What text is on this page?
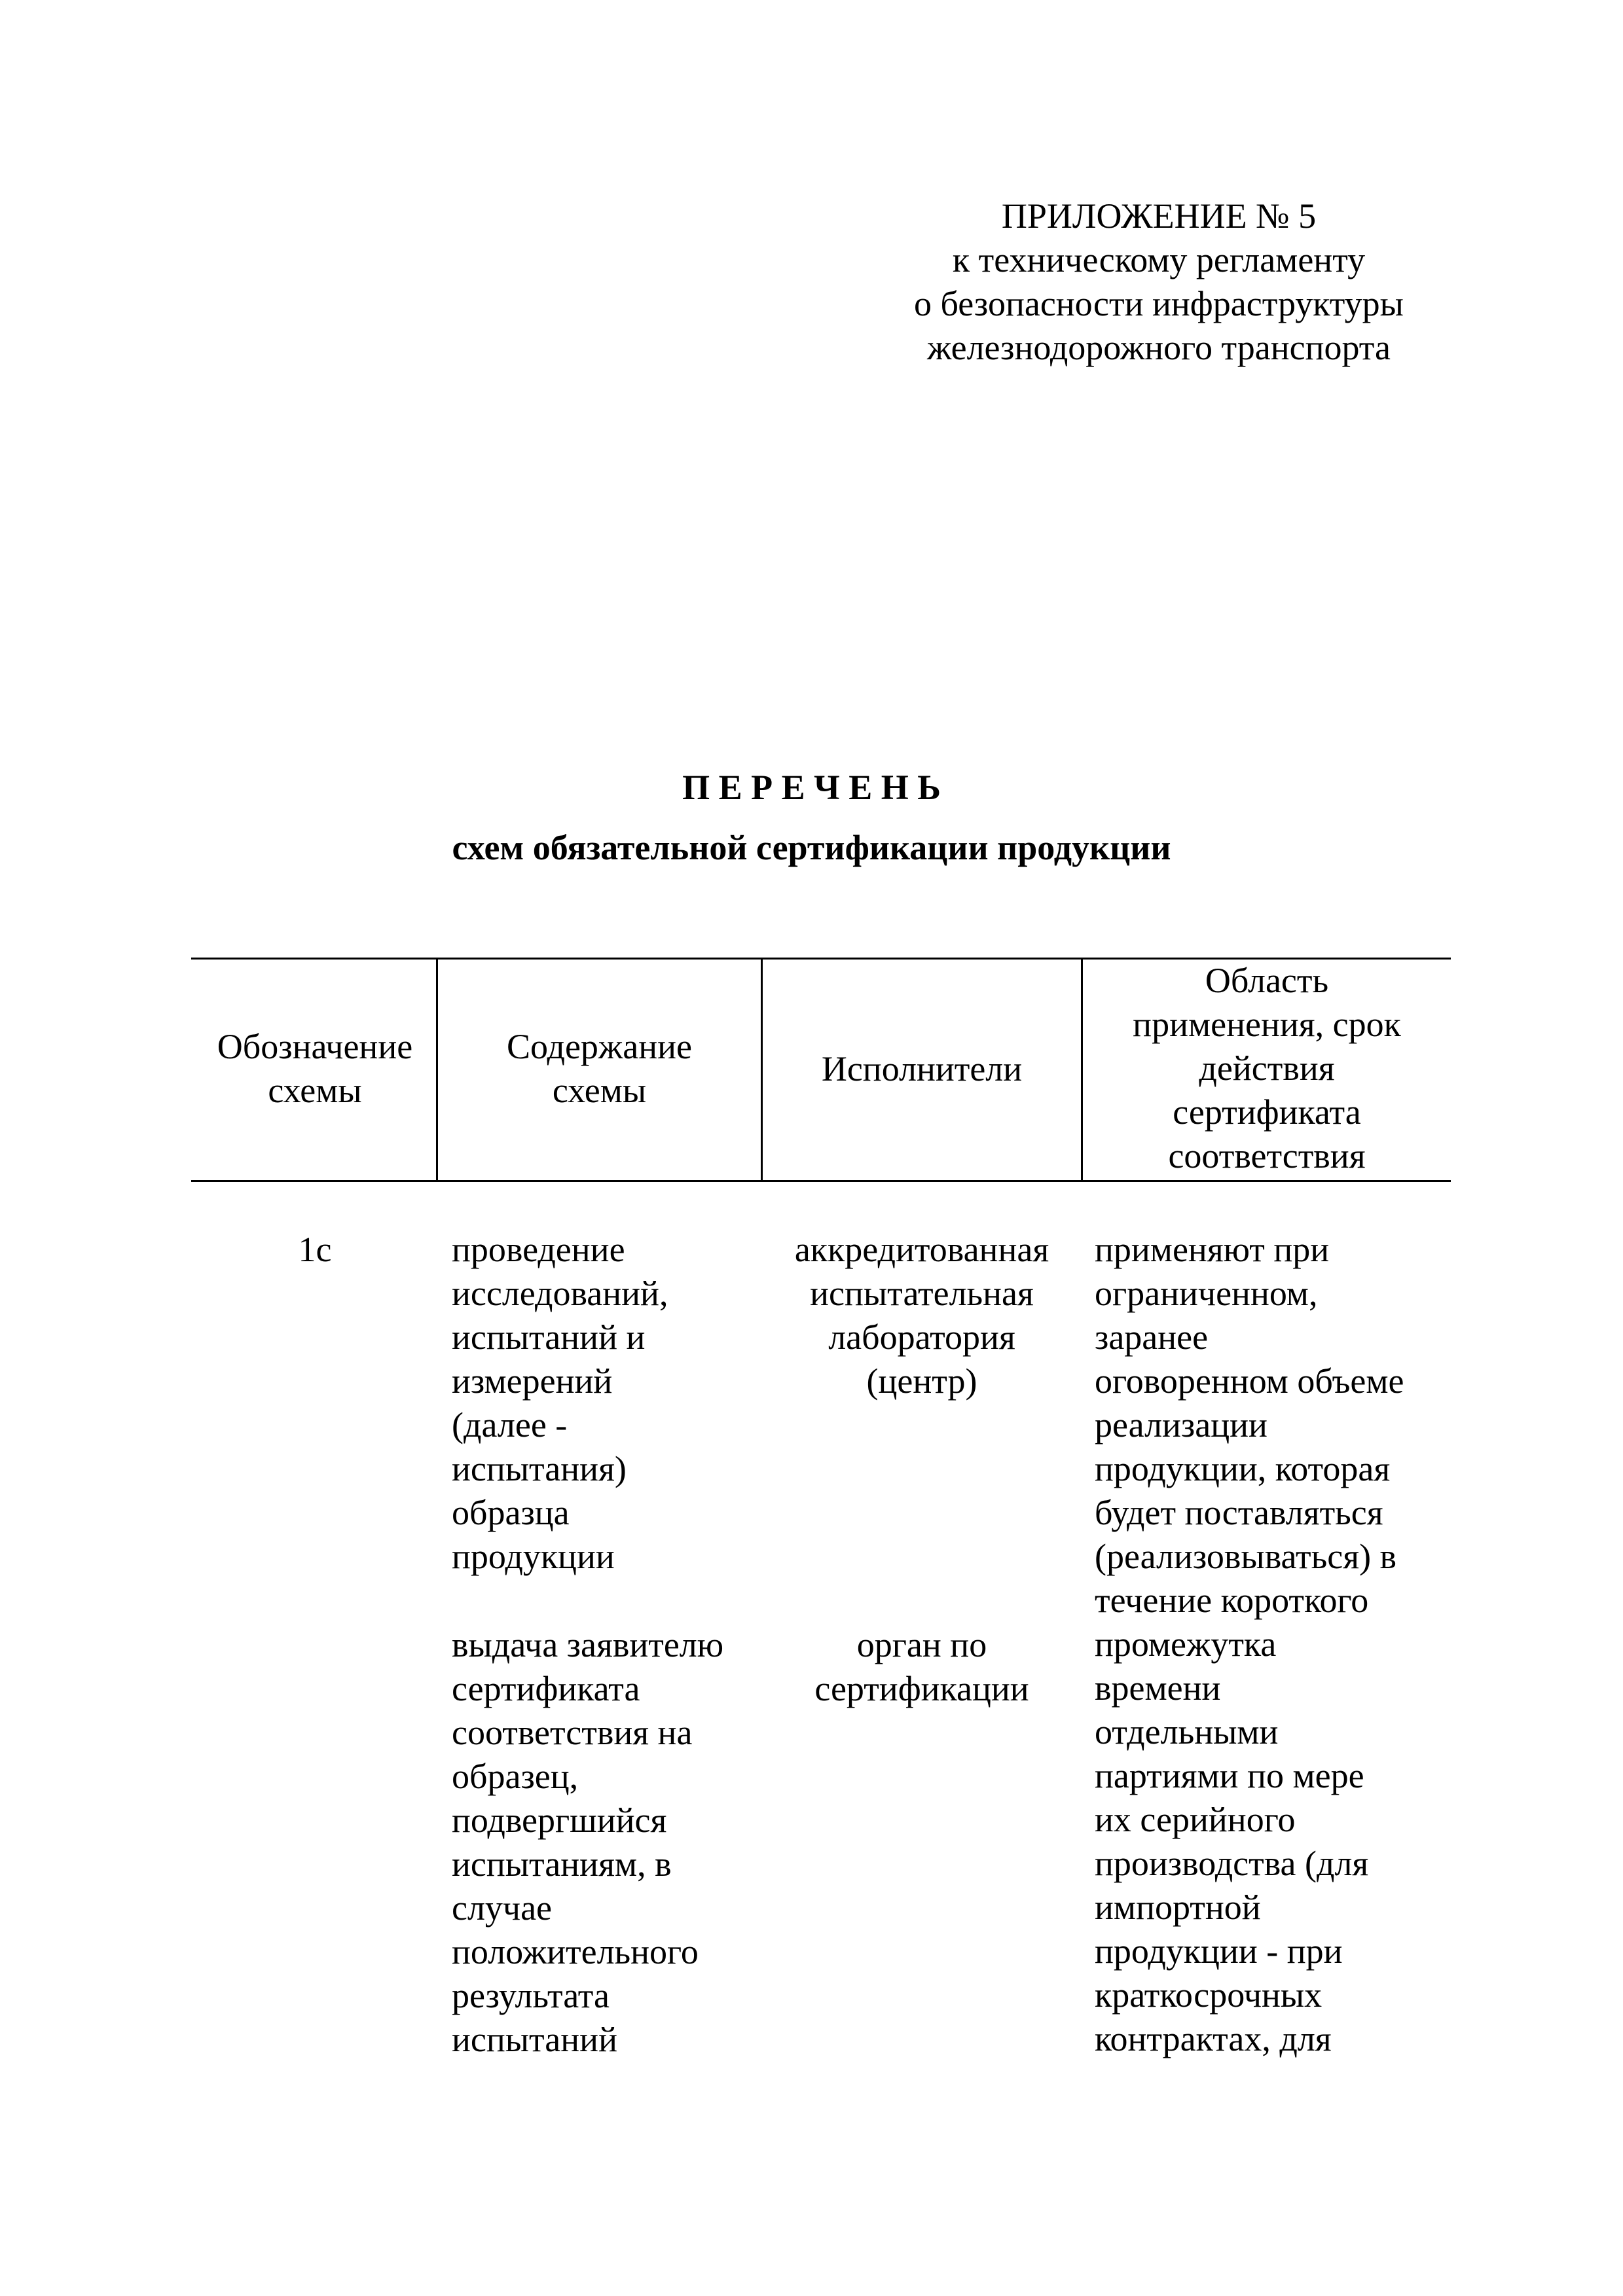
ПРИЛОЖЕНИЕ № 5
к техническому регламенту
о безопасности инфраструктуры
железнодорожного транспорта
П Е Р Е Ч Е Н Ь
схем обязательной сертификации продукции
Обозначение
схемы
Содержание
схемы
Исполнители
Область
применения, срок
действия
сертификата
соответствия
1с	проведение
исследований,
испытаний и
измерений
(далее -
испытания)
образца
продукции
выдача заявителю
сертификата
соответствия на
образец,
подвергшийся
испытаниям, в
случае
положительного
результата
испытаний
аккредитованная
испытательная
лаборатория
(центр)
орган по
сертификации
применяют при
ограниченном,
заранее
оговоренном объеме
реализации
продукции, которая
будет поставляться
(реализовываться) в
течение короткого
промежутка
времени
отдельными
партиями по мере
их серийного
производства (для
импортной
продукции - при
краткосрочных
контрактах, для
